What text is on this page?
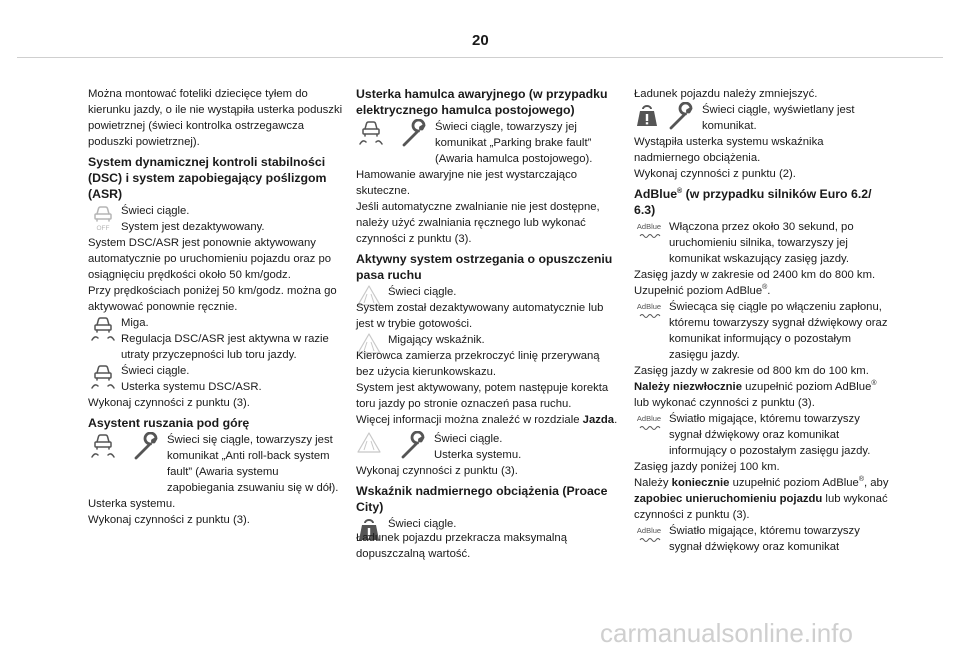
20

Można montować foteliki dziecięce tyłem do kierunku jazdy, o ile nie wystąpiła usterka poduszki powietrznej (świeci kontrolka ostrzegawcza poduszki powietrznej).

System dynamicznej kontroli stabilności (DSC) i system zapobiegający poślizgom (ASR)
OFF

Świeci ciągle.

System jest dezaktywowany.

System DSC/ASR jest ponownie aktywowany automatycznie po uruchomieniu pojazdu oraz po osiągnięciu prędkości około 50 km/godz.

Przy prędkościach poniżej 50 km/godz. można go aktywować ponownie ręcznie.

Miga.

Regulacja DSC/ASR jest aktywna w razie utraty przyczepności lub toru jazdy.

Świeci ciągle.

Usterka systemu DSC/ASR.

Wykonaj czynności z punktu (3).

Asystent ruszania pod górę

Świeci się ciągle, towarzyszy jest komunikat „Anti roll-back system fault” (Awaria systemu zapobiegania zsuwaniu się w dół).

Usterka systemu.

Wykonaj czynności z punktu (3).

Usterka hamulca awaryjnego (w przypadku elektrycznego hamulca postojowego)

Świeci ciągle, towarzyszy jej komunikat „Parking brake fault” (Awaria hamulca postojowego).

Hamowanie awaryjne nie jest wystarczająco skuteczne.

Jeśli automatyczne zwalnianie nie jest dostępne, należy użyć zwalniania ręcznego lub wykonać czynności z punktu (3).

Aktywny system ostrzegania o opuszczeniu pasa ruchu

Świeci ciągle.

System został dezaktywowany automatycznie lub jest w trybie gotowości.

Migający wskaźnik.

Kierowca zamierza przekroczyć linię przerywaną bez użycia kierunkowskazu.

System jest aktywowany, potem następuje korekta toru jazdy po stronie oznaczeń pasa ruchu.

Więcej informacji można znaleźć w rozdziale Jazda.

Świeci ciągle.

Usterka systemu.

Wykonaj czynności z punktu (3).

Wskaźnik nadmiernego obciążenia (Proace City)

Świeci ciągle.

Ładunek pojazdu przekracza maksymalną dopuszczalną wartość.

Ładunek pojazdu należy zmniejszyć.

Świeci ciągle, wyświetlany jest komunikat.

Wystąpiła usterka systemu wskaźnika nadmiernego obciążenia.

Wykonaj czynności z punktu (2).

AdBlue® (w przypadku silników Euro 6.2/ 6.3)
AdBlue Włączona przez około 30 sekund, po uruchomieniu silnika, towarzyszy jej komunikat wskazujący zasięg jazdy.

Zasięg jazdy w zakresie od 2400 km do 800 km.

Uzupełnić poziom AdBlue®.

AdBlue Świecąca się ciągle po włączeniu zapłonu, któremu towarzyszy sygnał dźwiękowy oraz komunikat informujący o pozostałym zasięgu jazdy.

Zasięg jazdy w zakresie od 800 km do 100 km.

Należy niezwłocznie uzupełnić poziom AdBlue® lub wykonać czynności z punktu (3).

AdBlue Światło migające, któremu towarzyszy sygnał dźwiękowy oraz komunikat informujący o pozostałym zasięgu jazdy.

Zasięg jazdy poniżej 100 km.

Należy koniecznie uzupełnić poziom AdBlue®, aby zapobiec unieruchomieniu pojazdu lub wykonać czynności z punktu (3).

AdBlue Światło migające, któremu towarzyszy sygnał dźwiękowy oraz komunikat

carmanualsonline.info
